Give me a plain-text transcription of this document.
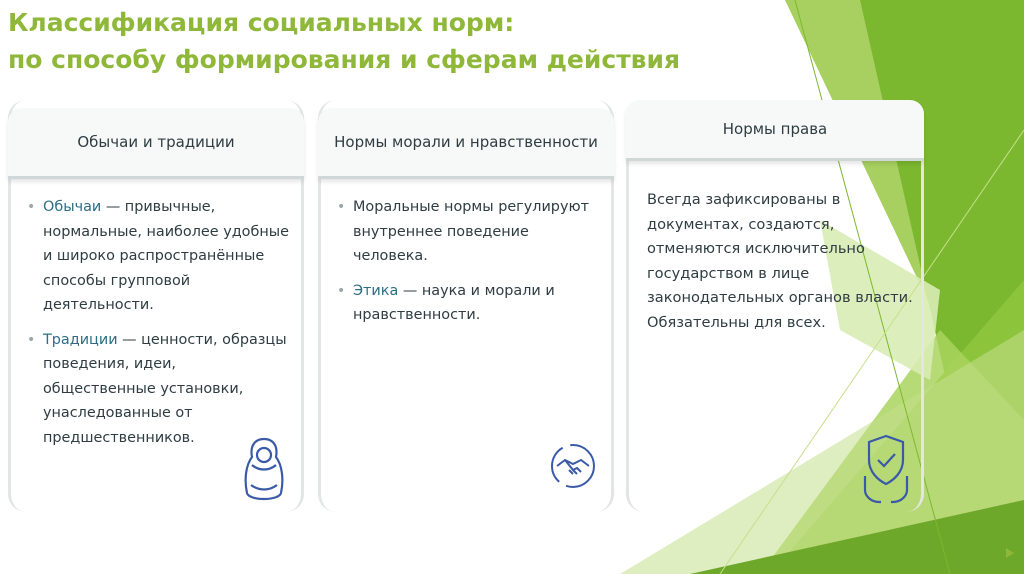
Классификация социальных норм:
по способу формирования и сферам действия
Обычаи и традиции
• Обычаи — привычные, нормальные, наиболее удобные и широко распространённые способы групповой деятельности.
• Традиции — ценности, образцы поведения, идеи, общественные установки, унаследованные от предшественников.
Нормы морали и нравственности
• Моральные нормы регулируют внутреннее поведение человека.
• Этика — наука и морали и нравственности.
Нормы права
Всегда зафиксированы в документах, создаются, отменяются исключительно государством в лице законодательных органов власти. Обязательны для всех.
